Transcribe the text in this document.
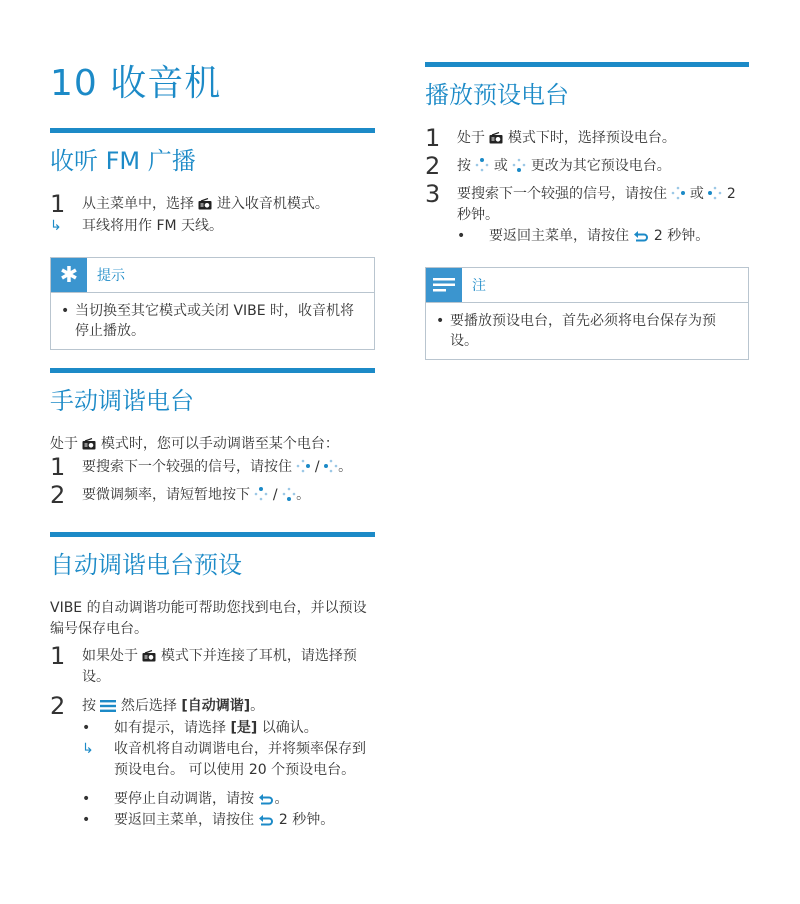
10 收音机
收听 FM 广播
1	从主菜单中，选择 进入收音机模式。
↳	耳线将用作 FM 天线。
✱	提示
• 当切换至其它模式或关闭 VIBE 时，收音机将停止播放。
手动调谐电台

处于 模式时，您可以手动调谐至某个电台：

1	要搜索下一个较强的信号，请按住 / 。
2	要微调频率，请短暂地按下 / 。
自动调谐电台预设

VIBE 的自动调谐功能可帮助您找到电台，并以预设编号保存电台。

1	如果处于 模式下并连接了耳机，请选择预设。
2	按 然后选择 [自动调谐]。
•	如有提示，请选择 [是] 以确认。
↳	收音机将自动调谐电台，并将频率保存到预设电台。 可以使用 20 个预设电台。
•	要停止自动调谐，请按 。
•	要返回主菜单，请按住 2 秒钟。
播放预设电台
1	处于 模式下时，选择预设电台。
2	按 或 更改为其它预设电台。
3	要搜索下一个较强的信号，请按住 或 2 秒钟。
•	要返回主菜单，请按住 2 秒钟。
注
• 要播放预设电台，首先必须将电台保存为预设。
